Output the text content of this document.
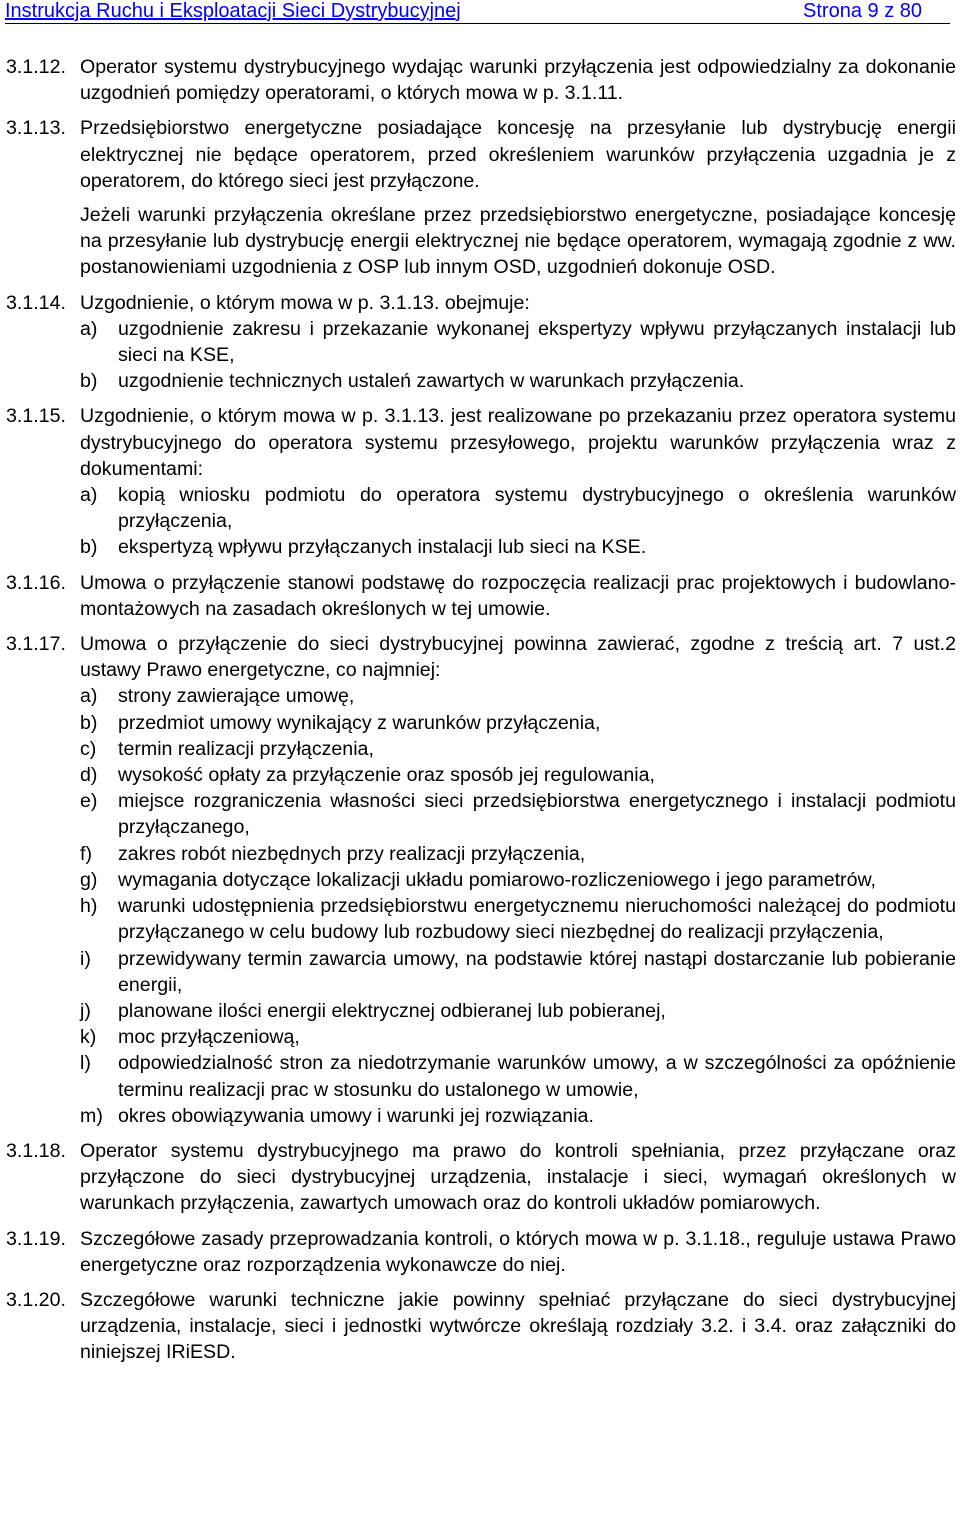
Instrukcja Ruchu i Eksploatacji Sieci Dystrybucyjnej	Strona 9 z 80
3.1.12. Operator systemu dystrybucyjnego wydając warunki przyłączenia jest odpowiedzialny za dokonanie uzgodnień pomiędzy operatorami, o których mowa w p. 3.1.11.
3.1.13. Przedsiębiorstwo energetyczne posiadające koncesję na przesyłanie lub dystrybucję energii elektrycznej nie będące operatorem, przed określeniem warunków przyłączenia uzgadnia je z operatorem, do którego sieci jest przyłączone.
Jeżeli warunki przyłączenia określane przez przedsiębiorstwo energetyczne, posiadające koncesję na przesyłanie lub dystrybucję energii elektrycznej nie będące operatorem, wymagają zgodnie z ww. postanowieniami uzgodnienia z OSP lub innym OSD, uzgodnień dokonuje OSD.
3.1.14. Uzgodnienie, o którym mowa w p. 3.1.13. obejmuje:
a)	uzgodnienie zakresu i przekazanie wykonanej ekspertyzy wpływu przyłączanych instalacji lub sieci na KSE,
b)	uzgodnienie technicznych ustaleń zawartych w warunkach przyłączenia.
3.1.15. Uzgodnienie, o którym mowa w p. 3.1.13. jest realizowane po przekazaniu przez operatora systemu dystrybucyjnego do operatora systemu przesyłowego, projektu warunków przyłączenia wraz z dokumentami:
a)	kopią wniosku podmiotu do operatora systemu dystrybucyjnego o określenia warunków przyłączenia,
b)	ekspertyzą wpływu przyłączanych instalacji lub sieci na KSE.
3.1.16. Umowa o przyłączenie stanowi podstawę do rozpoczęcia realizacji prac projektowych i budowlano-montażowych na zasadach określonych w tej umowie.
3.1.17. Umowa o przyłączenie do sieci dystrybucyjnej powinna zawierać, zgodne z treścią art. 7 ust.2 ustawy Prawo energetyczne, co najmniej:
a)	strony zawierające umowę,
b)	przedmiot umowy wynikający z warunków przyłączenia,
c)	termin realizacji przyłączenia,
d)	wysokość opłaty za przyłączenie oraz sposób jej regulowania,
e)	miejsce rozgraniczenia własności sieci przedsiębiorstwa energetycznego i instalacji podmiotu przyłączanego,
f)	zakres robót niezbędnych przy realizacji przyłączenia,
g)	wymagania dotyczące lokalizacji układu pomiarowo-rozliczeniowego i jego parametrów,
h)	warunki udostępnienia przedsiębiorstwu energetycznemu nieruchomości należącej do podmiotu przyłączanego w celu budowy lub rozbudowy sieci niezbędnej do realizacji przyłączenia,
i)	przewidywany termin zawarcia umowy, na podstawie której nastąpi dostarczanie lub pobieranie energii,
j)	planowane ilości energii elektrycznej odbieranej lub pobieranej,
k)	moc przyłączeniową,
l)	odpowiedzialność stron za niedotrzymanie warunków umowy, a w szczególności za opóźnienie terminu realizacji prac w stosunku do ustalonego w umowie,
m) okres obowiązywania umowy i warunki jej rozwiązania.
3.1.18. Operator systemu dystrybucyjnego ma prawo do kontroli spełniania, przez przyłączane oraz przyłączone do sieci dystrybucyjnej urządzenia, instalacje i sieci, wymagań określonych w warunkach przyłączenia, zawartych umowach oraz do kontroli układów pomiarowych.
3.1.19. Szczegółowe zasady przeprowadzania kontroli, o których mowa w p. 3.1.18., reguluje ustawa Prawo energetyczne oraz rozporządzenia wykonawcze do niej.
3.1.20. Szczegółowe warunki techniczne jakie powinny spełniać przyłączane do sieci dystrybucyjnej urządzenia, instalacje, sieci i jednostki wytwórcze określają rozdziały 3.2. i 3.4. oraz załączniki do niniejszej IRiESD.
